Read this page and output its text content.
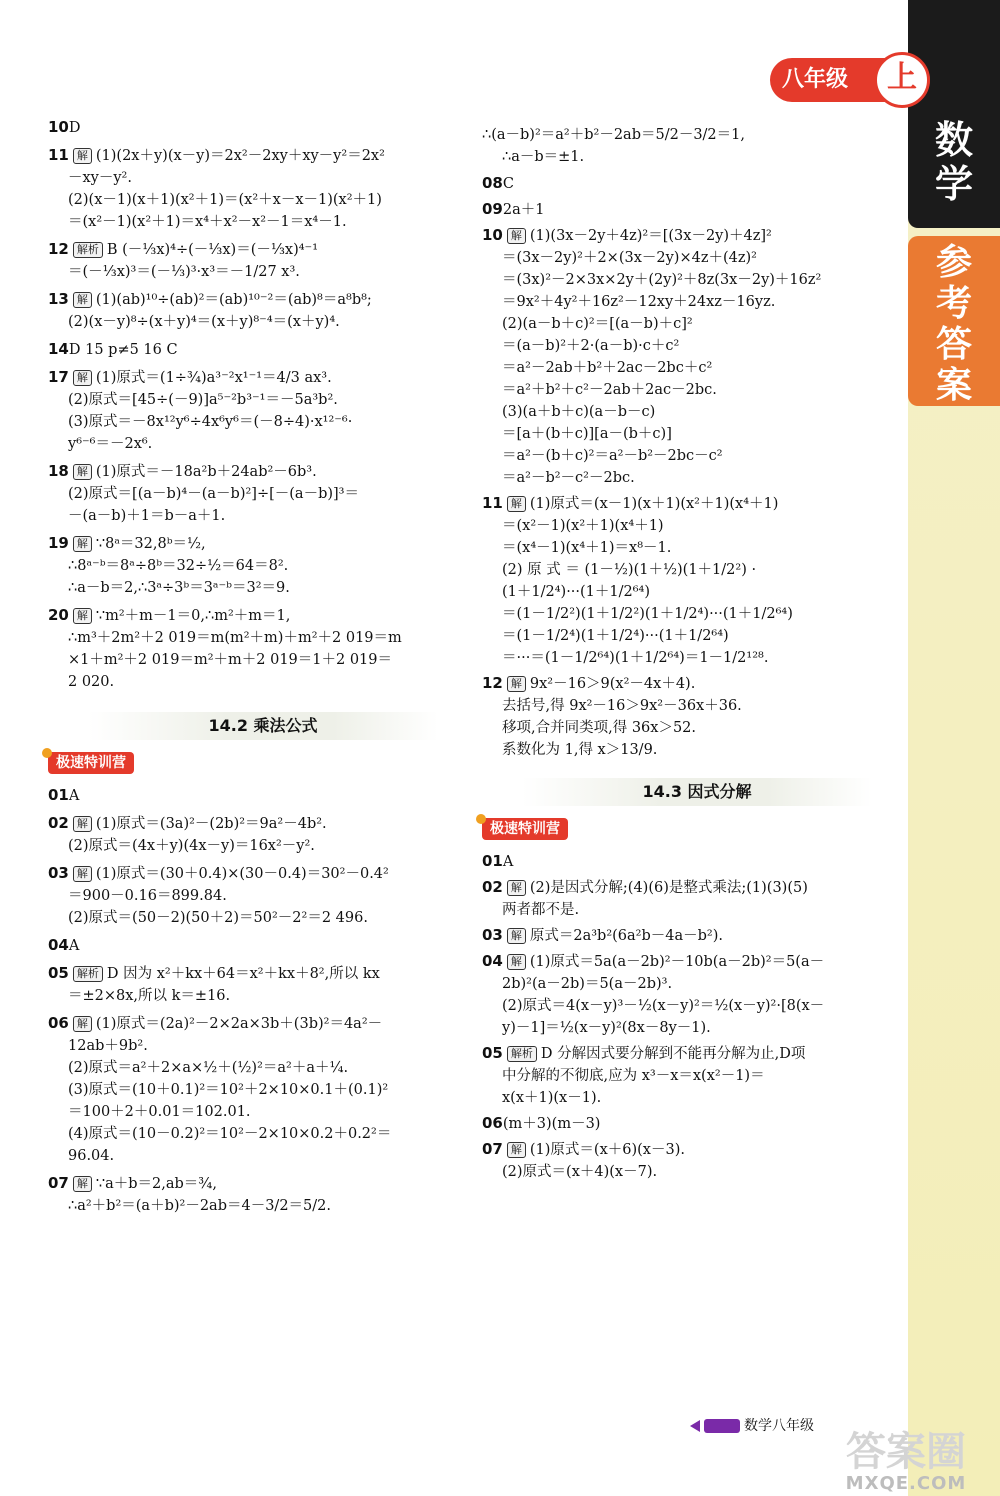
数学
参考答案
八年级	上
10D
11 解 (1)(2x＋y)(x－y)＝2x²－2xy＋xy－y²＝2x²
－xy－y².
(2)(x－1)(x＋1)(x²＋1)＝(x²＋x－x－1)(x²＋1)
＝(x²－1)(x²＋1)＝x⁴＋x²－x²－1＝x⁴－1.
12 解析 B (－⅓x)⁴÷(－⅓x)＝(－⅓x)⁴⁻¹
＝(－⅓x)³＝(－⅓)³·x³＝－1/27 x³.
13 解 (1)(ab)¹⁰÷(ab)²＝(ab)¹⁰⁻²＝(ab)⁸＝a⁸b⁸;
(2)(x－y)⁸÷(x＋y)⁴＝(x＋y)⁸⁻⁴＝(x＋y)⁴.
14D 15 p≠5 16 C
17 解 (1)原式＝(1÷¾)a³⁻²x¹⁻¹＝4/3 ax³.
(2)原式＝[45÷(－9)]a⁵⁻²b³⁻¹＝－5a³b².
(3)原式＝－8x¹²y⁶÷4x⁶y⁶＝(－8÷4)·x¹²⁻⁶·
y⁶⁻⁶＝－2x⁶.
18 解 (1)原式＝－18a²b＋24ab²－6b³.
(2)原式＝[(a－b)⁴－(a－b)²]÷[－(a－b)]³＝
－(a－b)＋1＝b－a＋1.
19 解 ∵8ᵃ＝32,8ᵇ＝½,
∴8ᵃ⁻ᵇ＝8ᵃ÷8ᵇ＝32÷½＝64＝8².
∴a－b＝2,∴3ᵃ÷3ᵇ＝3ᵃ⁻ᵇ＝3²＝9.
20 解 ∵m²＋m－1＝0,∴m²＋m＝1,
∴m³＋2m²＋2 019＝m(m²＋m)＋m²＋2 019＝m
×1＋m²＋2 019＝m²＋m＋2 019＝1＋2 019＝
2 020.
14.2 乘法公式
极速特训营
01A
02 解 (1)原式＝(3a)²－(2b)²＝9a²－4b².
(2)原式＝(4x＋y)(4x－y)＝16x²－y².
03 解 (1)原式＝(30＋0.4)×(30－0.4)＝30²－0.4²
＝900－0.16＝899.84.
(2)原式＝(50－2)(50＋2)＝50²－2²＝2 496.
04A
05 解析 D 因为 x²＋kx＋64＝x²＋kx＋8²,所以 kx
＝±2×8x,所以 k＝±16.
06 解 (1)原式＝(2a)²－2×2a×3b＋(3b)²＝4a²－
12ab＋9b².
(2)原式＝a²＋2×a×½＋(½)²＝a²＋a＋¼.
(3)原式＝(10＋0.1)²＝10²＋2×10×0.1＋(0.1)²
＝100＋2＋0.01＝102.01.
(4)原式＝(10－0.2)²＝10²－2×10×0.2＋0.2²＝
96.04.
07 解 ∵a＋b＝2,ab＝¾,
∴a²＋b²＝(a＋b)²－2ab＝4－3/2＝5/2.
∴(a－b)²＝a²＋b²－2ab＝5/2－3/2＝1,
∴a－b＝±1.
08C
092a＋1
10 解 (1)(3x－2y＋4z)²＝[(3x－2y)＋4z]²
＝(3x－2y)²＋2×(3x－2y)×4z＋(4z)²
＝(3x)²－2×3x×2y＋(2y)²＋8z(3x－2y)＋16z²
＝9x²＋4y²＋16z²－12xy＋24xz－16yz.
(2)(a－b＋c)²＝[(a－b)＋c]²
＝(a－b)²＋2·(a－b)·c＋c²
＝a²－2ab＋b²＋2ac－2bc＋c²
＝a²＋b²＋c²－2ab＋2ac－2bc.
(3)(a＋b＋c)(a－b－c)
＝[a＋(b＋c)][a－(b＋c)]
＝a²－(b＋c)²＝a²－b²－2bc－c²
＝a²－b²－c²－2bc.
11 解 (1)原式＝(x－1)(x＋1)(x²＋1)(x⁴＋1)
＝(x²－1)(x²＋1)(x⁴＋1)
＝(x⁴－1)(x⁴＋1)＝x⁸－1.
(2) 原 式 ＝ (1－½)(1＋½)(1＋1/2²) ·
(1＋1/2⁴)···(1＋1/2⁶⁴)
＝(1－1/2²)(1＋1/2²)(1＋1/2⁴)···(1＋1/2⁶⁴)
＝(1－1/2⁴)(1＋1/2⁴)···(1＋1/2⁶⁴)
＝···＝(1－1/2⁶⁴)(1＋1/2⁶⁴)＝1－1/2¹²⁸.
12 解 9x²－16＞9(x²－4x＋4).
去括号,得 9x²－16＞9x²－36x＋36.
移项,合并同类项,得 36x＞52.
系数化为 1,得 x＞13/9.
14.3 因式分解
极速特训营
01A
02 解 (2)是因式分解;(4)(6)是整式乘法;(1)(3)(5)
两者都不是.
03 解 原式＝2a³b²(6a²b－4a－b²).
04 解 (1)原式＝5a(a－2b)²－10b(a－2b)²＝5(a－
2b)²(a－2b)＝5(a－2b)³.
(2)原式＝4(x－y)³－½(x－y)²＝½(x－y)²·[8(x－
y)－1]＝½(x－y)²(8x－8y－1).
05 解析 D 分解因式要分解到不能再分解为止,D项
中分解的不彻底,应为 x³－x＝x(x²－1)＝
x(x＋1)(x－1).
06(m＋3)(m－3)
07 解 (1)原式＝(x＋6)(x－3).
(2)原式＝(x＋4)(x－7).
数学八年级
答案圈
MXQE.COM
